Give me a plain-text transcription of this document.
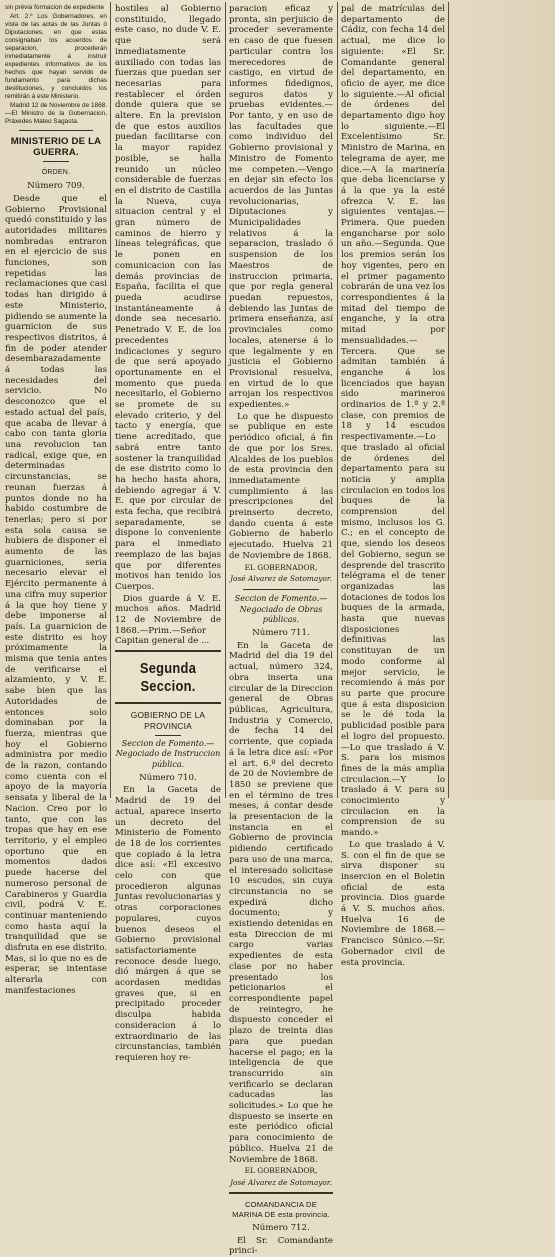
sin prévia formacion de expediente

Art. 2.º Los Gobernadores, en vista de las actas de las Juntas ó Diputaciones, en que estas consignaban los acuerdos de separacion, procederán inmediatamente á instruir expedientes informativos de los hechos que hayan servido de fundamento para dichas destituciones, y concluidos los remitirán á este Ministerio.

Madrid 12 de Noviembre de 1868. —El Ministro de la Gobernacion, Práxedes Mateo Sagasta.

MINISTERIO DE LA GUERRA.
ÓRDEN.
Número 709.

Desde que el Gobierno Provisional quedó constituido y las autoridades militares nombradas entraron en el ejercicio de sus funciones, son repetidas las reclamaciones que casi todas han dirigido á este Ministerio, pidiendo se aumente la guarnicion de sus respectivos distritos, á fin de poder atender desembarazadamente á todas las necesidades del servicio. No desconozco que el estado actual del país, que acaba de llevar á cabo con tanta gloria una revolucion tan radical, exige que, en determinadas circunstancias, se reunan fuerzas á puntos donde no ha habido costumbre de tenerlas; pero si por esta sola causa se hubiera de disponer el aumento de las guarniciones, seria necesario elevar el Ejército permanente á una cifra muy superior á la que hoy tiene y debe imponerse al país. La guarnicion de este distrito es hoy próximamente la misma que tenia antes de verificarse el alzamiento, y V. E. sabe bien que las Autoridades de entonces solo dominaban por la fuerza, mientras que hoy el Gobierno administra por medio de la razon, contando como cuenta con el apoyo de la mayoría sensata y liberal de la Nacion. Creo por lo tanto, que con las tropas que hay en ese territorio, y el empleo oportuno que en momentos dados puede hacerse del numeroso personal de Carabineros y Guardia civil, podrá V. E. continuar manteniendo como hasta aquí la tranquilidad que se disfruta en ese distrito. Mas, si lo que no es de esperar, se intentase alterarla con manifestaciones

hostiles al Gobierno constituido, llegado este caso, no dude V. E. que será inmediatamente auxiliado con todas las fuerzas que puedan ser necesarias para restablecer el órden donde quiera que se altere. En la prevision de que estos auxilios puedan facilitarse con la mayor rapidez posible, se halla reunido un núcleo considerable de fuerzas en el distrito de Castilla la Nueva, cuya situacion central y el gran número de caminos de hierro y líneas telegráficas, que le ponen en comunicacion con las demás provincias de España, facilita el que pueda acudirse instantáneamente á donde sea necesario. Penetrado V. E. de los precedentes indicaciones y seguro de que será apoyado oportunamente en el momento que pueda necesitarlo, el Gobierno se promete de su elevado criterio, y del tacto y energía, que tiene acreditado, que sabrá entre tanto sostener la tranquilidad de ese distrito como lo ha hecho hasta ahora, debiendo agregar á V. E. que por circular de esta fecha, que recibirá separadamente, se dispone lo conveniente para el inmediato reemplazo de las bajas que por diferentes motivos han tenido los Cuerpos.

Dios guarde á V. E. muchos años. Madrid 12 de Noviembre de 1868.—Prim.—Señor Capitan general de ...

Segunda Seccion.
GOBIERNO DE LA PROVINCIA

Seccion de Fomento.—Negociado de Instruccion pública.

Número 710.

En la Gaceta de Madrid de 19 del actual, aparece inserto un decreto del Ministerio de Fomento de 18 de los corrientes que copiado á la letra dice así: «El excesivo celo con que procedieron algunas Juntas revolucionarias y otras corporaciones populares, cuyos buenos deseos el Gobierno provisional satisfactoriamente reconoce desde luego, dió márgen á que se acordasen medidas graves que, si en precipitado proceder disculpa habida consideracion á lo extraordinario de las circunstancias, también requieren hoy re-

paracion eficaz y pronta, sin perjuicio de proceder severamente en caso de que fuesen particular contra los merecedores de castigo, en virtud de informes fidedignos, seguros datos y pruebas evidentes.—Por tanto, y en uso de las facultades que como individuo del Gobierno provisional y Ministro de Fomento me competen.—Vengo en dejar sin efecto los acuerdos de las Juntas revolucionarias, Diputaciones y Municipalidades relativos á la separacion, traslado ó suspension de los Maestros de instruccion primaria, que por regla general puedan repuestos, debiendo las Juntas de primera enseñanza, así provinciales como locales, atenerse á lo que legalmente y en justicia el Gobierno Provisional resuelva, en virtud de lo que arrojan los respectivos expedientes.»

Lo que he dispuesto se publique en este periódico oficial, á fin de que por los Sres. Alcaldes de los pueblos de esta provincia den inmediatamente cumplimiento á las prescripciones del preinserto decreto, dando cuenta á este Gobierno de haberlo ejecutado. Huelva 21 de Noviembre de 1868.

EL GOBERNADOR,
José Alvarez de Sotomayor.

Seccion de Fomento.—Negociado de Obras públicas.

Número 711.

En la Gaceta de Madrid del dia 19 del actual, número 324, obra inserta una circular de la Direccion general de Obras públicas, Agricultura, Industria y Comercio, de fecha 14 del corriente, que copiada á la letra dice así: «Por el art. 6.º del decreto de 20 de Noviembre de 1850 se previene que en el término de tres meses, á contar desde la presentacion de la instancia en el Gobierno de provincia pidiendo certificado para uso de una marca, el interesado solicitase 10 escudos, sin cuya circunstancia no se expedirá dicho documento; y existiendo detenidas en esta Direccion de mi cargo varias expedientes de esta clase por no haber presentado los peticionarios el correspondiente papel de reintegro, he dispuesto conceder el plazo de treinta dias para que puedan hacerse el pago; en la inteligencia de que transcurrido sin verificarlo se declaran caducadas las solicitudes.» Lo que he dispuesto se inserte en este periódico oficial para conocimiento de público. Huelva 21 de Noviembre de 1868.

EL GOBERNADOR,
José Alvarez de Sotomayor.
COMANDANCIA DE MARINA DE esta provincia.
Número 712.

El Sr. Comandante princi-

pal de matrículas del departamento de Cádiz, con fecha 14 del actual, me dice lo siguiente: «El Sr. Comandante general del departamento, en oficio de ayer, me dice lo siguiente.—Al oficial de órdenes del departamento digo hoy lo siguiente.—El Excelentísimo Sr. Ministro de Marina, en telegrama de ayer, me dice.—A la marinería que deba licenciarse y á la que ya la esté ofrezca V. E. las siguientes ventajas.—Primera. Que pueden engancharse por solo un año.—Segunda. Que los premios serán los hoy vigentes, pero en el primer pagamento cobrarán de una vez los correspondientes á la mitad del tiempo de enganche, y la otra mitad por mensualidades.—Tercera. Que se admitan también á enganche á los licenciados que hayan sido marineros ordinarios de 1.ª y 2.ª clase, con premios de 18 y 14 escudos respectivamente.—Lo que traslado al oficial de órdenes del departamento para su noticia y amplia circulacion en todos los buques de la comprension del mismo, inclusos los G. C.; en el concepto de que, siendo los deseos del Gobierno, segun se desprende del trascrito telégrama el de tener organizadas las dotaciones de todos los buques de la armada, hasta que nuevas disposiciones definitivas las constituyan de un modo conforme al mejor servicio, le recomiendo á más por su parte que procure que á esta disposicion se le dé toda la publicidad posible para el logro del propuesto. —Lo que traslado á V. S. para los mismos fines de la más amplia circulacion.—Y lo traslado á V. para su conocimiento y circulacion en la comprension de su mando.»

Lo que traslado á V. S. con el fin de que se sirva disponer su insercion en el Boletin oficial de esta provincia. Dios guarde á V. S. muchos años. Huelva 16 de Noviembre de 1868.—Francisco Súnico.—Sr. Gobernador civil de esta provincia.
